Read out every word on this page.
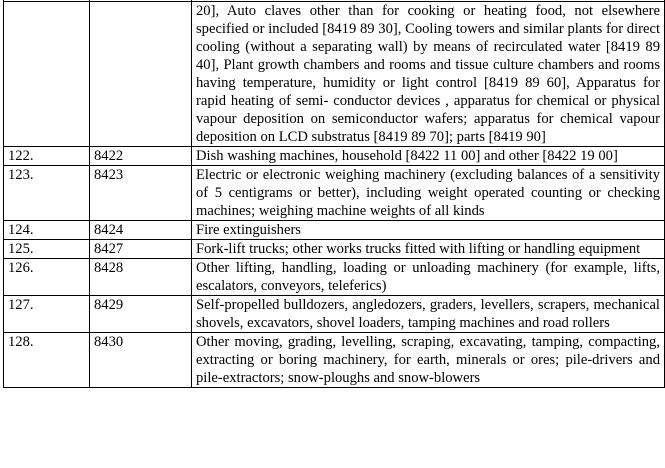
		20], Auto claves other than for cooking or heating food, not elsewhere specified or included [8419 89 30], Cooling towers and similar plants for direct cooling (without a separating wall) by means of recirculated water [8419 89 40], Plant growth chambers and rooms and tissue culture chambers and rooms having temperature, humidity or light control [8419 89 60], Apparatus for rapid heating of semi- conductor devices , apparatus for chemical or physical vapour deposition on semiconductor wafers; apparatus for chemical vapour deposition on LCD substratus [8419 89 70]; parts [8419 90]
122.	8422	Dish washing machines, household [8422 11 00] and other [8422 19 00]
123.	8423	Electric or electronic weighing machinery (excluding balances of a sensitivity of 5 centigrams or better), including weight operated counting or checking machines; weighing machine weights of all kinds
124.	8424	Fire extinguishers
125.	8427	Fork-lift trucks; other works trucks fitted with lifting or handling equipment
126.	8428	Other lifting, handling, loading or unloading machinery (for example, lifts, escalators, conveyors, teleferics)
127.	8429	Self-propelled bulldozers, angledozers, graders, levellers, scrapers, mechanical shovels, excavators, shovel loaders, tamping machines and road rollers
128.	8430	Other moving, grading, levelling, scraping, excavating, tamping, compacting, extracting or boring machinery, for earth, minerals or ores; pile-drivers and pile-extractors; snow-ploughs and snow-blowers
